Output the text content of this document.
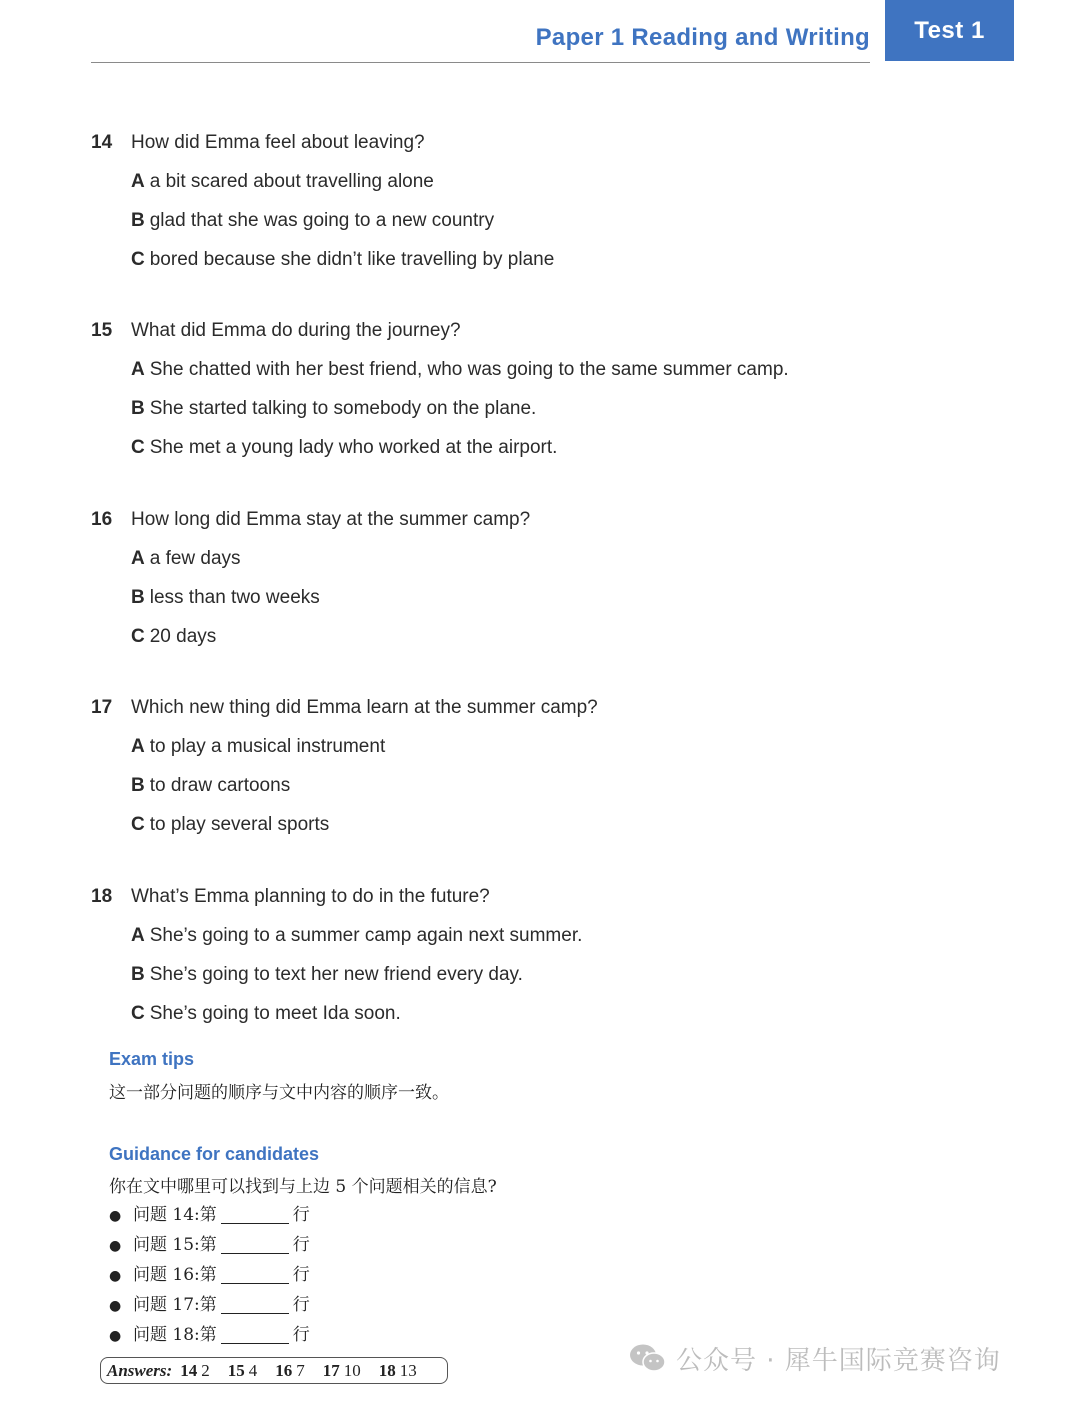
Paper 1 Reading and Writing	Test 1
14 How did Emma feel about leaving?
A a bit scared about travelling alone
B glad that she was going to a new country
C bored because she didn’t like travelling by plane
15 What did Emma do during the journey?
A She chatted with her best friend, who was going to the same summer camp.
B She started talking to somebody on the plane.
C She met a young lady who worked at the airport.
16 How long did Emma stay at the summer camp?
A a few days
B less than two weeks
C 20 days
17 Which new thing did Emma learn at the summer camp?
A to play a musical instrument
B to draw cartoons
C to play several sports
18 What’s Emma planning to do in the future?
A She’s going to a summer camp again next summer.
B She’s going to text her new friend every day.
C She’s going to meet Ida soon.
Exam tips
这一部分问题的顺序与文中内容的顺序一致。
Guidance for candidates
你在文中哪里可以找到与上边 5 个问题相关的信息?
● 问题 14:第	行
● 问题 15:第	行
● 问题 16:第	行
● 问题 17:第	行
● 问题 18:第	行
Answers: 14 2 15 4 16 7 17 10 18 13	公众号 · 犀牛国际竞赛咨询
